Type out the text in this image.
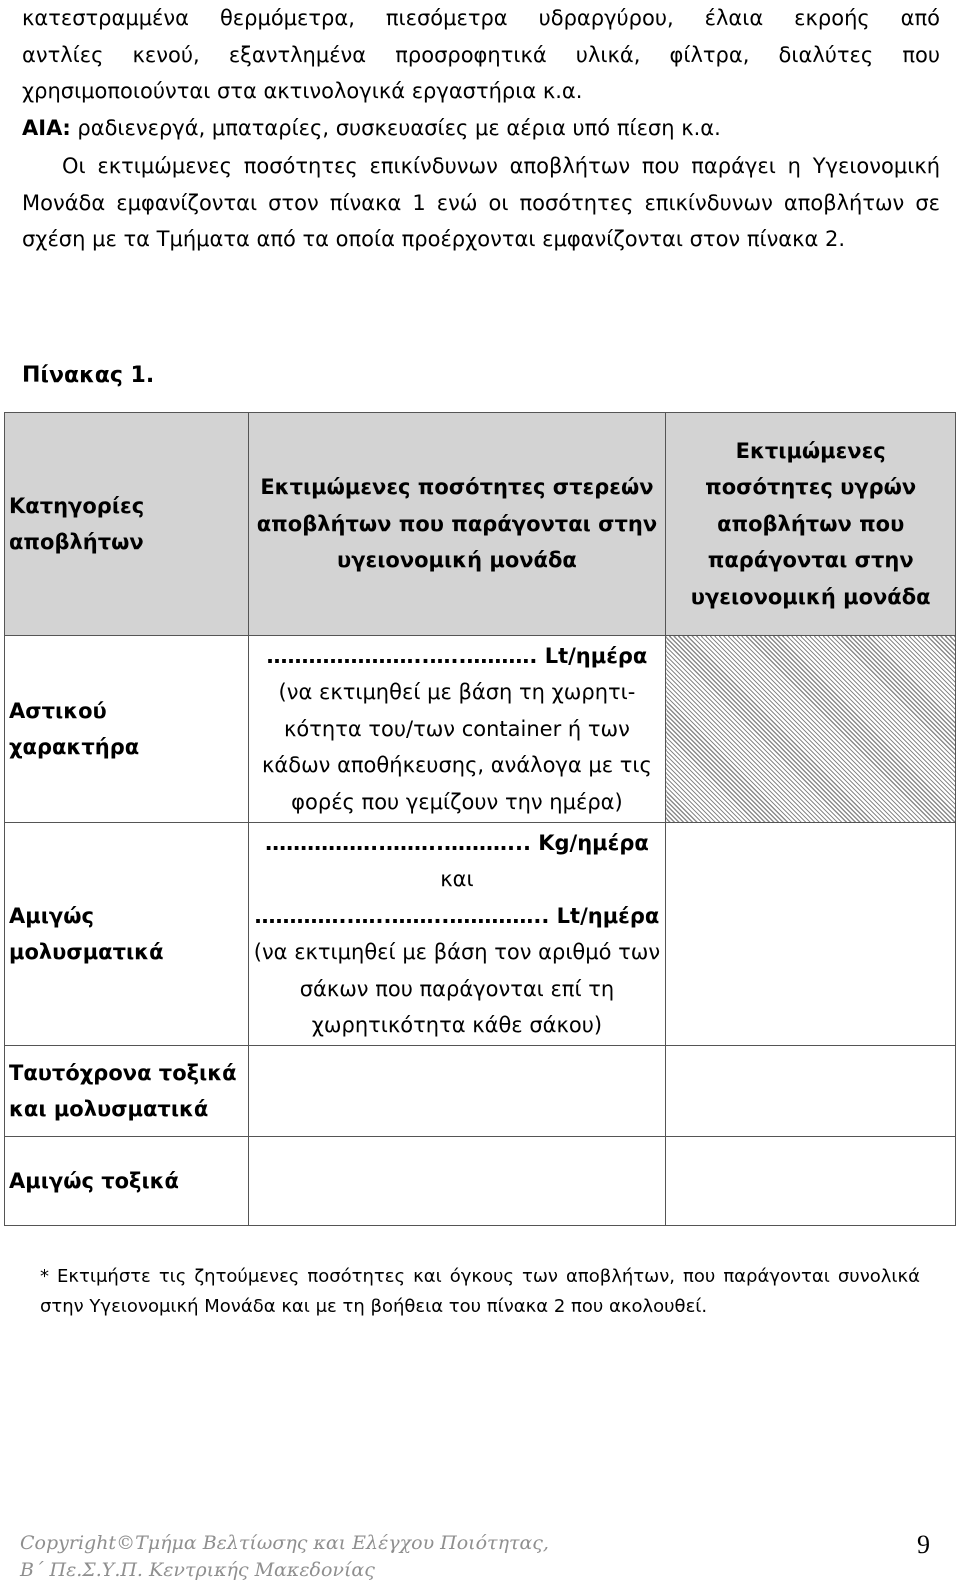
κατεστραμμένα θερμόμετρα, πιεσόμετρα υδραργύρου, έλαια εκροής από

αντλίες κενού, εξαντλημένα προσροφητικά υλικά, φίλτρα, διαλύτες που

χρησιμοποιούνται στα ακτινολογικά εργαστήρια κ.α.

ΑΙΑ: ραδιενεργά, μπαταρίες, συσκευασίες με αέρια υπό πίεση κ.α.

Οι εκτιμώμενες ποσότητες επικίνδυνων αποβλήτων που παράγει η Υγειονομική Μονάδα εμφανίζονται στον πίνακα 1 ενώ οι ποσότητες επικίνδυνων αποβλήτων σε σχέση με τα Τμήματα από τα οποία προέρχονται εμφανίζονται στον πίνακα 2.

Πίνακας 1.
Κατηγορίες αποβλήτων	Εκτιμώμενες ποσότητες στερεών αποβλήτων που παράγονται στην υγειονομική μονάδα	Εκτιμώμενες ποσότητες υγρών αποβλήτων που παράγονται στην υγειονομική μονάδα
Αστικού χαρακτήρα	…………………..…..………. Lt/ημέρα
(να εκτιμηθεί με βάση τη χωρητι-κότητα του/των container ή των κάδων αποθήκευσης, ανάλογα με τις φορές που γεμίζουν την ημέρα)	

Αμιγώς μολυσματικά	……………..……..………... Kg/ημέρα
και
…………..…..……..………….. Lt/ημέρα
(να εκτιμηθεί με βάση τον αριθμό των σάκων που παράγονται επί τη χωρητικότητα κάθε σάκου)	

Ταυτόχρονα τοξικά και μολυσματικά		
Αμιγώς τοξικά		

* Εκτιμήστε τις ζητούμενες ποσότητες και όγκους των αποβλήτων, που παράγονται συνολικά στην Υγειονομική Μονάδα και με τη βοήθεια του πίνακα 2 που ακολουθεί.

Copyright©Τμήμα Βελτίωσης και Ελέγχου Ποιότητας,
Β΄ Πε.Σ.Υ.Π. Κεντρικής Μακεδονίας
9
